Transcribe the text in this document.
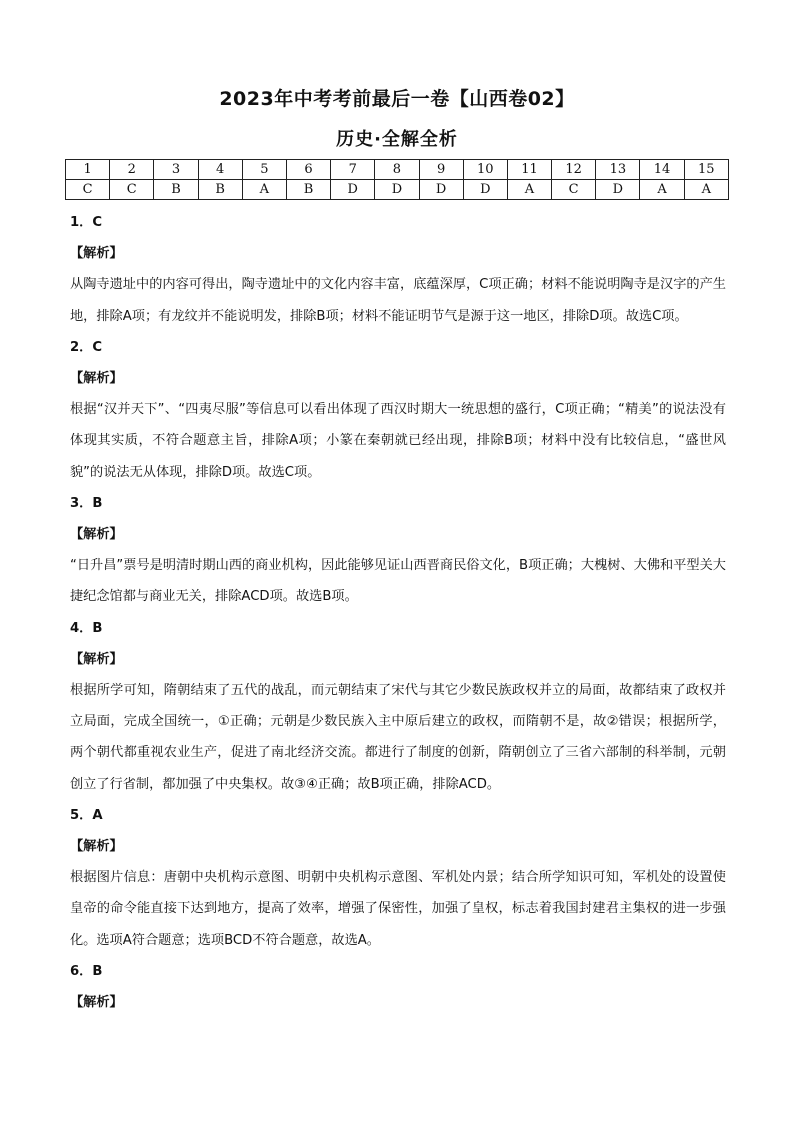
2023年中考考前最后一卷【山西卷02】
历史·全解全析
1	2	3	4	5	6	7	8	9	10	11	12	13	14	15
C	C	B	B	A	B	D	D	D	D	A	C	D	A	A

1．C

【解析】

从陶寺遗址中的内容可得出，陶寺遗址中的文化内容丰富，底蕴深厚，C项正确；材料不能说明陶寺是汉字的产生地，排除A项；有龙纹并不能说明发，排除B项；材料不能证明节气是源于这一地区，排除D项。故选C项。

2．C

【解析】

根据“汉并天下”、“四夷尽服”等信息可以看出体现了西汉时期大一统思想的盛行，C项正确；“精美”的说法没有体现其实质，不符合题意主旨，排除A项；小篆在秦朝就已经出现，排除B项；材料中没有比较信息，“盛世风貌”的说法无从体现，排除D项。故选C项。

3．B

【解析】

“日升昌”票号是明清时期山西的商业机构，因此能够见证山西晋商民俗文化，B项正确；大槐树、大佛和平型关大捷纪念馆都与商业无关，排除ACD项。故选B项。

4．B

【解析】

根据所学可知，隋朝结束了五代的战乱，而元朝结束了宋代与其它少数民族政权并立的局面，故都结束了政权并立局面，完成全国统一，①正确；元朝是少数民族入主中原后建立的政权，而隋朝不是，故②错误；根据所学，两个朝代都重视农业生产，促进了南北经济交流。都进行了制度的创新，隋朝创立了三省六部制的科举制，元朝创立了行省制，都加强了中央集权。故③④正确；故B项正确，排除ACD。

5．A

【解析】

根据图片信息：唐朝中央机构示意图、明朝中央机构示意图、军机处内景；结合所学知识可知，军机处的设置使皇帝的命令能直接下达到地方，提高了效率，增强了保密性，加强了皇权，标志着我国封建君主集权的进一步强化。选项A符合题意；选项BCD不符合题意，故选A。

6．B

【解析】
